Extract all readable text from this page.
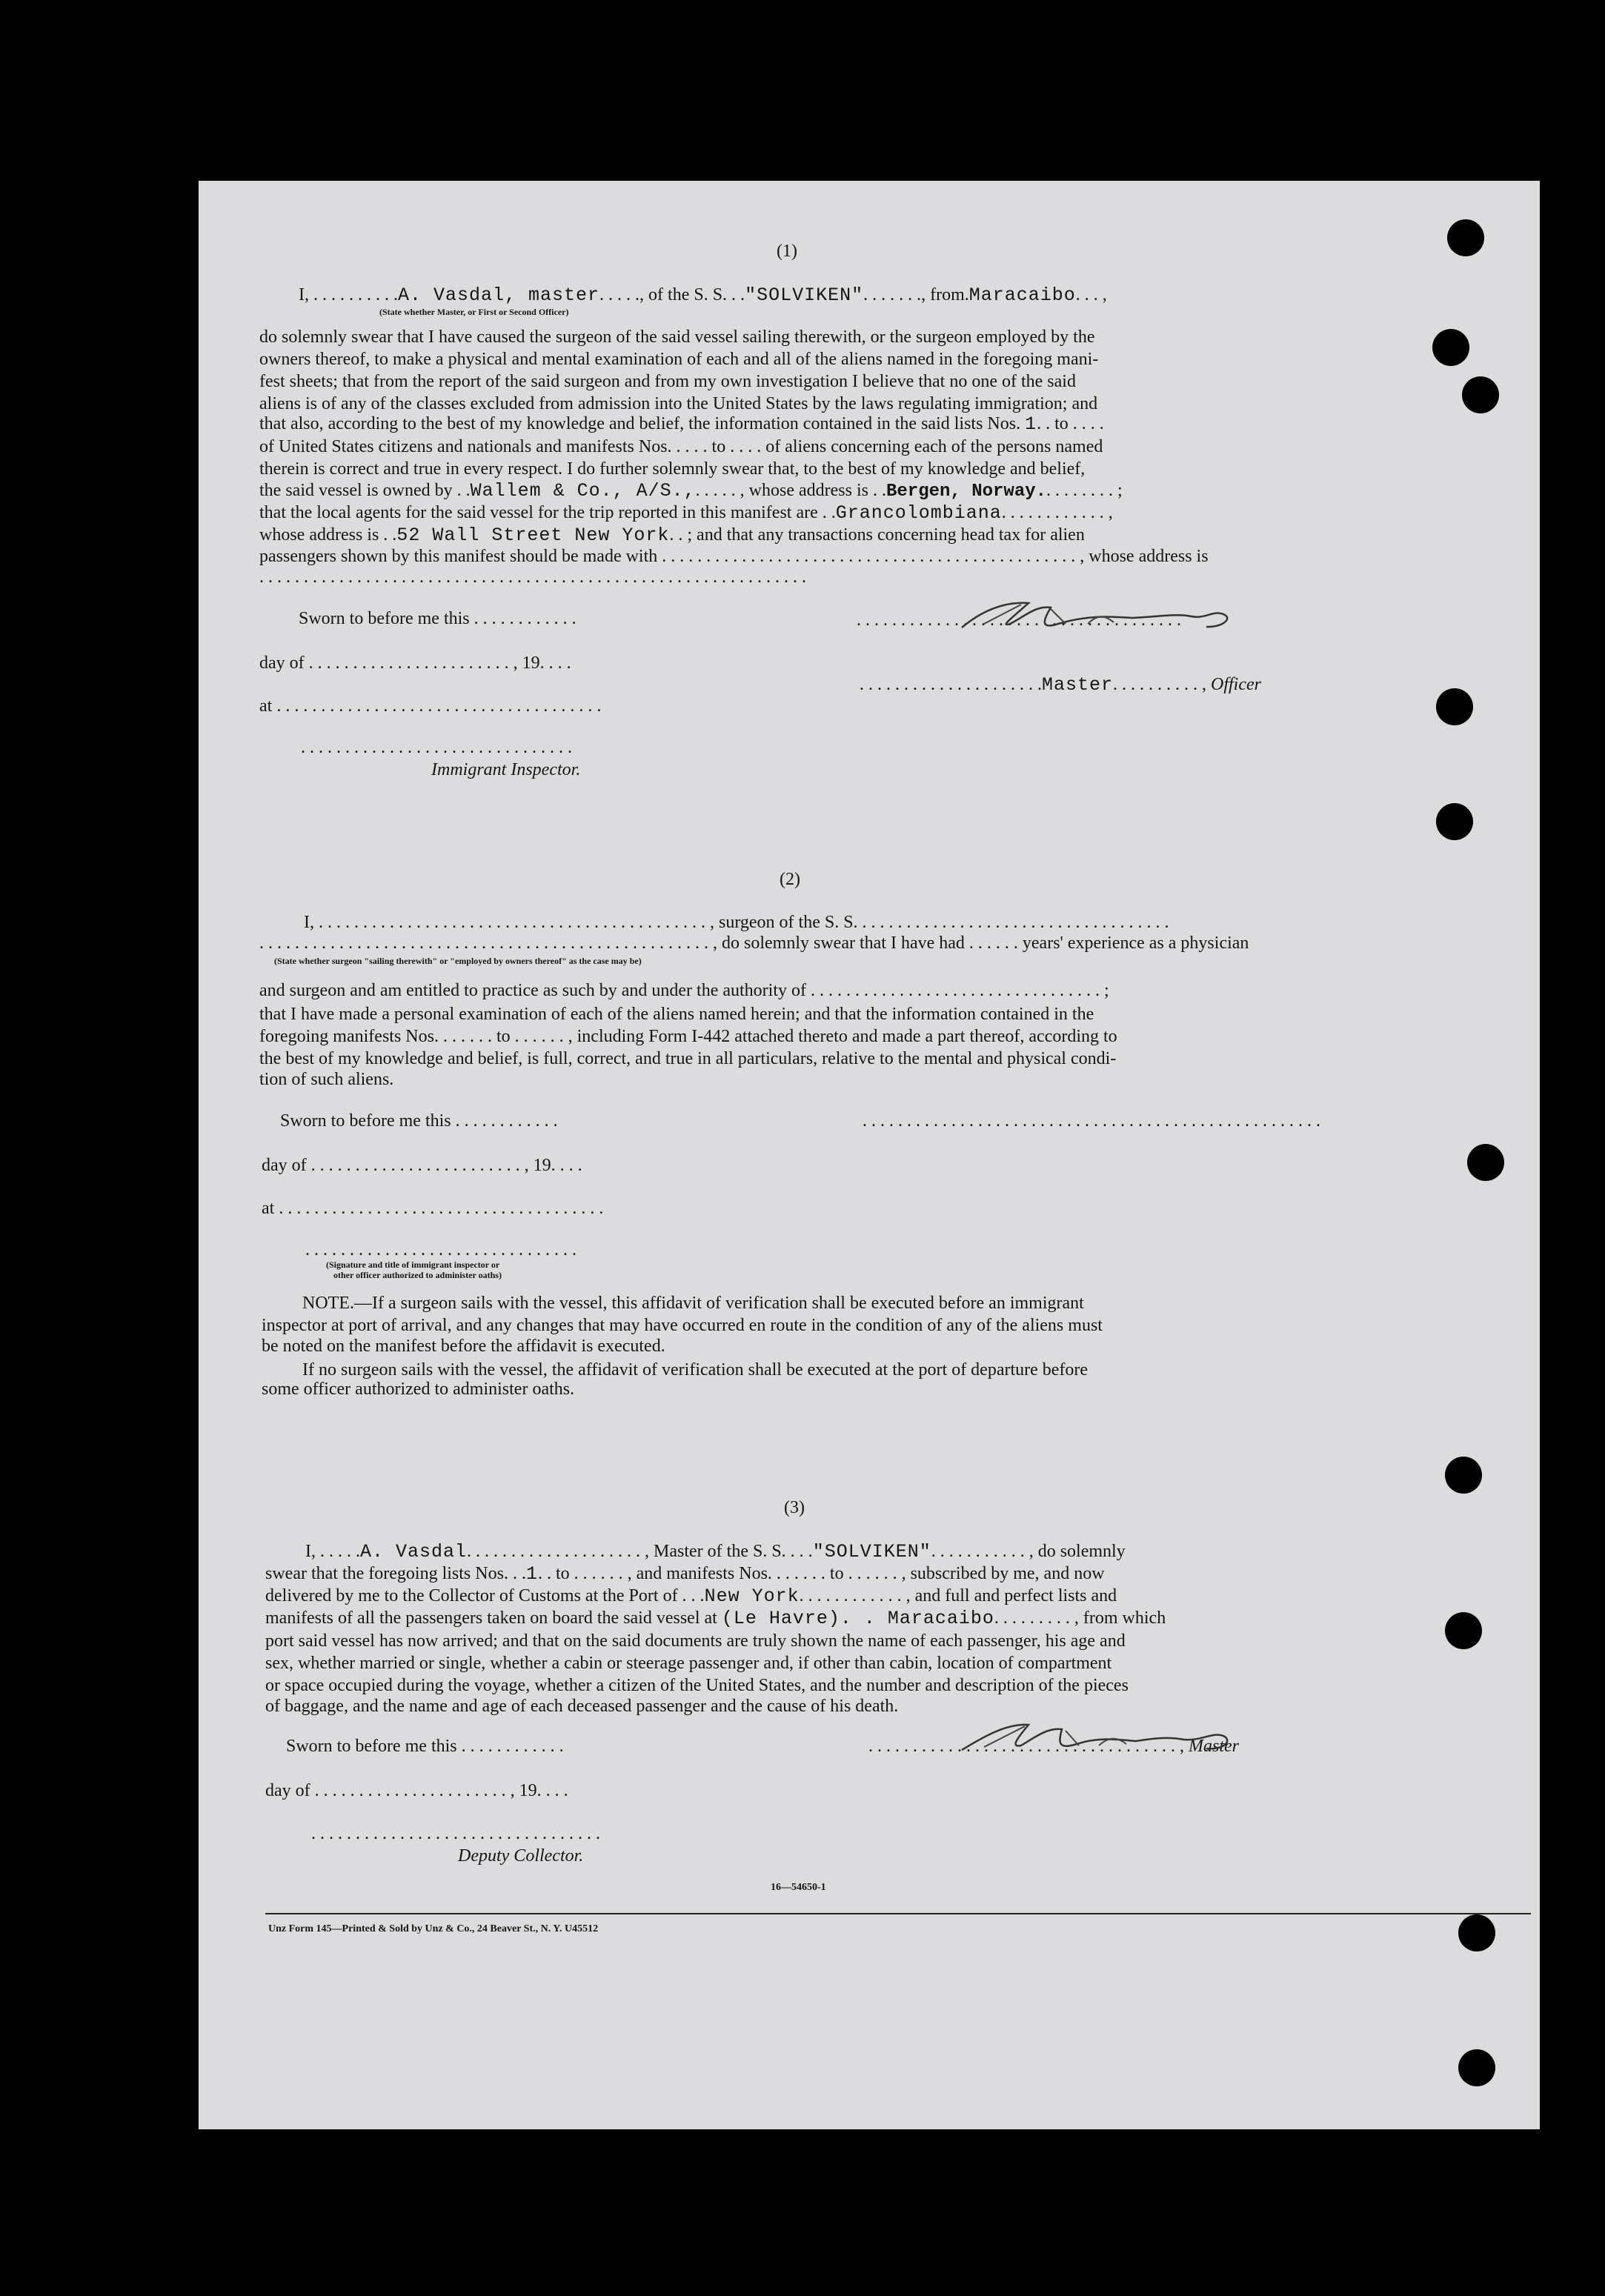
(1)
I, . . . . . . . . . .A. Vasdal, master. . . . ., of the S. S. . ."SOLVIKEN". . . . . . ., from.Maracaibo. . . ,
(State whether Master, or First or Second Officer)
do solemnly swear that I have caused the surgeon of the said vessel sailing therewith, or the surgeon employed by the
owners thereof, to make a physical and mental examination of each and all of the aliens named in the foregoing mani-
fest sheets; that from the report of the said surgeon and from my own investigation I believe that no one of the said
aliens is of any of the classes excluded from admission into the United States by the laws regulating immigration; and
that also, according to the best of my knowledge and belief, the information contained in the said lists Nos. 1. . to . . . .
of United States citizens and nationals and manifests Nos. . . . . to . . . . of aliens concerning each of the persons named
therein is correct and true in every respect. I do further solemnly swear that, to the best of my knowledge and belief,
the said vessel is owned by . .Wallem & Co., A/S.,. . . . . , whose address is . .Bergen, Norway.. . . . . . . . ;
that the local agents for the said vessel for the trip reported in this manifest are . .Grancolombiana. . . . . . . . . . . . ,
whose address is . .52 Wall Street New York. . ; and that any transactions concerning head tax for alien
passengers shown by this manifest should be made with . . . . . . . . . . . . . . . . . . . . . . . . . . . . . . . . . . . . . . . . . . . . . . . , whose address is
. . . . . . . . . . . . . . . . . . . . . . . . . . . . . . . . . . . . . . . . . . . . . . . . . . . . . . . . . . . . . .
Sworn to before me this . . . . . . . . . . . .	. . . . . . . . . . . . . . . . . . . . . . . . . . . . . . . . . . . . .
day of . . . . . . . . . . . . . . . . . . . . . . . , 19. . . .
. . . . . . . . . . . . . . . . . . . . .Master. . . . . . . . . . , Officer
at . . . . . . . . . . . . . . . . . . . . . . . . . . . . . . . . . . . . .
. . . . . . . . . . . . . . . . . . . . . . . . . . . . . . .
Immigrant Inspector.
(2)
I, . . . . . . . . . . . . . . . . . . . . . . . . . . . . . . . . . . . . . . . . . . . . , surgeon of the S. S. . . . . . . . . . . . . . . . . . . . . . . . . . . . . . . . . . . .
. . . . . . . . . . . . . . . . . . . . . . . . . . . . . . . . . . . . . . . . . . . . . . . . . . . , do solemnly swear that I have had . . . . . . years' experience as a physician
(State whether surgeon "sailing therewith" or "employed by owners thereof" as the case may be)
and surgeon and am entitled to practice as such by and under the authority of . . . . . . . . . . . . . . . . . . . . . . . . . . . . . . . . . ;
that I have made a personal examination of each of the aliens named herein; and that the information contained in the
foregoing manifests Nos. . . . . . . to . . . . . . , including Form I-442 attached thereto and made a part thereof, according to
the best of my knowledge and belief, is full, correct, and true in all particulars, relative to the mental and physical condi-
tion of such aliens.
Sworn to before me this . . . . . . . . . . . .	. . . . . . . . . . . . . . . . . . . . . . . . . . . . . . . . . . . . . . . . . . . . . . . . . . . .
day of . . . . . . . . . . . . . . . . . . . . . . . . , 19. . . .
at . . . . . . . . . . . . . . . . . . . . . . . . . . . . . . . . . . . . .
. . . . . . . . . . . . . . . . . . . . . . . . . . . . . . .
(Signature and title of immigrant inspector or
other officer authorized to administer oaths)
NOTE.—If a surgeon sails with the vessel, this affidavit of verification shall be executed before an immigrant
inspector at port of arrival, and any changes that may have occurred en route in the condition of any of the aliens must
be noted on the manifest before the affidavit is executed.
If no surgeon sails with the vessel, the affidavit of verification shall be executed at the port of departure before
some officer authorized to administer oaths.
(3)
I, . . . . .A. Vasdal. . . . . . . . . . . . . . . . . . . . , Master of the S. S. . . ."SOLVIKEN". . . . . . . . . . . , do solemnly
swear that the foregoing lists Nos. . .1. . to . . . . . . , and manifests Nos. . . . . . . to . . . . . . , subscribed by me, and now
delivered by me to the Collector of Customs at the Port of . . .New York. . . . . . . . . . . . , and full and perfect lists and
manifests of all the passengers taken on board the said vessel at (Le Havre). . Maracaibo. . . . . . . . . , from which
port said vessel has now arrived; and that on the said documents are truly shown the name of each passenger, his age and
sex, whether married or single, whether a cabin or steerage passenger and, if other than cabin, location of compartment
or space occupied during the voyage, whether a citizen of the United States, and the number and description of the pieces
of baggage, and the name and age of each deceased passenger and the cause of his death.
Sworn to before me this . . . . . . . . . . . .	. . . . . . . . . . . . . . . . . . . . . . . . . . . . . . . . . . . , Master
day of . . . . . . . . . . . . . . . . . . . . . . , 19. . . .
. . . . . . . . . . . . . . . . . . . . . . . . . . . . . . . . .
Deputy Collector.
16—54650-1
Unz Form 145—Printed & Sold by Unz & Co., 24 Beaver St., N. Y. U45512
